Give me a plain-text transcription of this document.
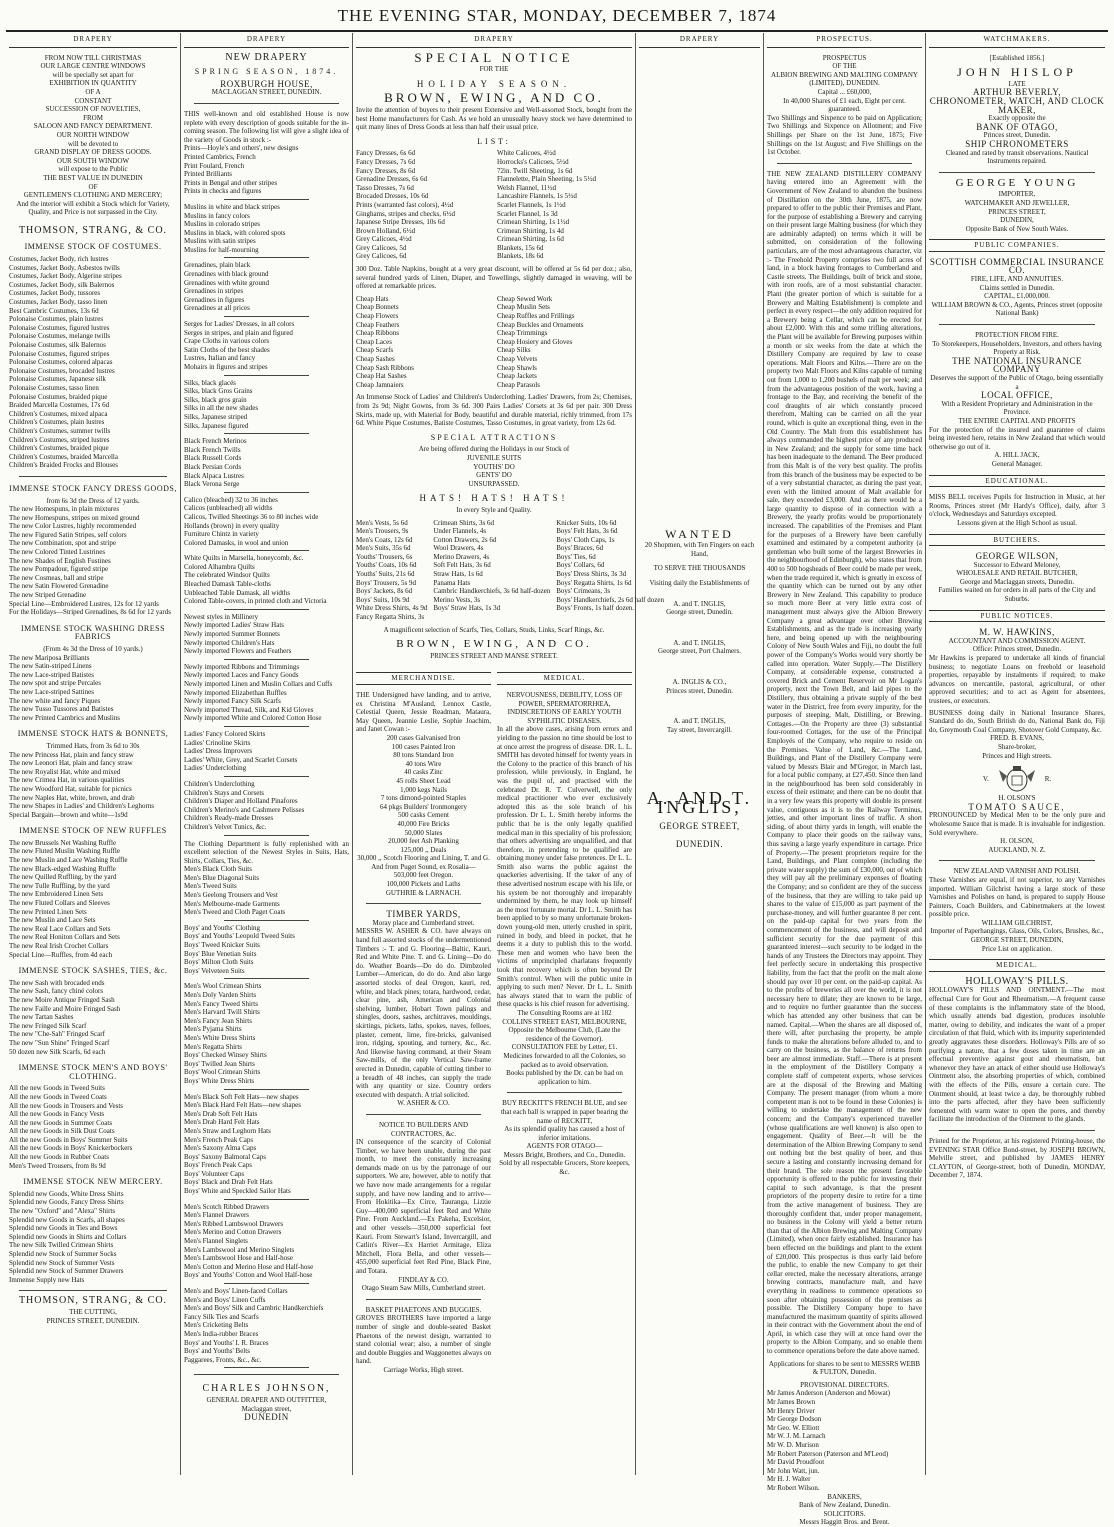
THE EVENING STAR, MONDAY, DECEMBER 7, 1874
DRAPERY
FROM NOW TILL CHRISTMAS
OUR LARGE CENTRE WINDOWS
will be specially set apart for
EXHIBITION IN QUANTITY
OF A
CONSTANT
SUCCESSION OF NOVELTIES,
FROM
SALOON AND FANCY DEPARTMENT.
OUR NORTH WINDOW
will be devoted to
GRAND DISPLAY OF DRESS GOODS.
OUR SOUTH WINDOW
will expose to the Public
THE BEST VALUE IN DUNEDIN
OF
GENTLEMEN'S CLOTHING AND MERCERY;
And the interior will exhibit a Stock which for Variety, Quality, and Price is not surpassed in the City.
THOMSON, STRANG, & CO.
IMMENSE STOCK OF COSTUMES.
Costumes, Jacket Body, rich lustres
Costumes, Jacket Body, Asbestos twills
Costumes, Jacket Body, Algerine stripes
Costumes, Jacket Body, silk Balernos
Costumes, Jacket Body, tussores
Costumes, Jacket Body, tasso linen
Best Cambric Costumes, 13s 6d
Polonaise Costumes, plain lustres
Polonaise Costumes, figured lustres
Polonaise Costumes, melange twills
Polonaise Costumes, silk Balernos
Polonaise Costumes, figured stripes
Polonaise Costumes, colored alpacas
Polonaise Costumes, brocaded lustres
Polonaise Costumes, Japanese silk
Polonaise Costumes, tasso linen
Polonaise Costumes, braided pique
Braided Marcella Costumes, 17s 6d
Children's Costumes, mixed alpaca
Children's Costumes, plain lustres
Children's Costumes, summer twills
Children's Costumes, striped lustres
Children's Costumes, braided pique
Children's Costumes, braided Marcella
Children's Braided Frocks and Blouses
IMMENSE STOCK FANCY DRESS GOODS,
from 6s 3d the Dress of 12 yards.
The new Homespuns, in plain mixtures
The new Homespuns, stripes on mixed ground
The new Color Lustres, highly recommended
The new Figured Satin Stripes, self colors
The new Combination, spot and stripe
The new Colored Tinted Lustrines
The new Shades of English Fustines
The new Pompadour, figured stripe
The new Cosmeas, ball and stripe
The new Satin Flowered Grenadine
The new Striped Grenadine
Special Line—Embroidered Lustres, 12s for 12 yards
For the Holidays—Striped Grenadines, 8s 6d for 12 yards
IMMENSE STOCK WASHING DRESS FABRICS
(From 4s 3d the Dress of 10 yards.)
The new Mariposa Brilliants
The new Satin-striped Linens
The new Lace-striped Batistes
The new spot and stripe Percales
The new Lace-striped Sattines
The new white and fancy Piques
The new Tusso Tussores and Batistes
The new Printed Cambrics and Muslins
IMMENSE STOCK HATS & BONNETS,
Trimmed Hats, from 3s 6d to 30s
The new Princess Hat, plain and fancy straw
The new Leonori Hat, plain and fancy straw
The new Royalist Hat, white and mixed
The new Crimea Hat, in various qualities
The new Woodford Hat, suitable for picnics
The new Naples Hat, white, brown, and drab
The new Shapes in Ladies' and Children's Leghorns
Special Bargain—brown and white—1s9d
IMMENSE STOCK OF NEW RUFFLES
The new Brussels Net Washing Ruffle
The new Fluted Muslin Washing Ruffle
The new Muslin and Lace Washing Ruffle
The new Black-edged Washing Ruffle
The new Quilled Ruffling, by the yard
The new Tulle Ruffling, by the yard
The new Embroidered Linen Sets
The new Fluted Collars and Sleeves
The new Printed Linen Sets
The new Muslin and Lace Sets
The new Real Lace Collars and Sets
The new Real Honiton Collars and Sets
The new Real Irish Crochet Collars
Special Line—Ruffles, from 4d each
IMMENSE STOCK SASHES, TIES, &c.
The new Sash with brocaded ends
The new Sash, fancy chiné colors
The new Moire Antique Fringed Sash
The new Faille and Moire Fringed Sash
The new Tartan Sashes
The new Fringed Silk Scarf
The new "Che-Sah" Fringed Scarf
The new "Sun Shine" Fringed Scarf
50 dozen new Silk Scarfs, 6d each
IMMENSE STOCK MEN'S AND BOYS' CLOTHING.
All the new Goods in Tweed Suits
All the new Goods in Tweed Coats
All the new Goods in Trousers and Vests
All the new Goods in Fancy Vests
All the new Goods in Summer Coats
All the new Goods in Silk Dust Coats
All the new Goods in Boys' Summer Suits
All the new Goods in Boys' Knickerbockers
All the new Goods in Rubber Coats
Men's Tweed Trousers, from 8s 9d
IMMENSE STOCK NEW MERCERY.
Splendid new Goods, White Dress Shirts
Splendid new Goods, Fancy Dress Shirts
The new "Oxford" and "Alexa" Shirts
Splendid new Goods in Scarfs, all shapes
Splendid new Goods in Ties and Bows
Splendid new Goods in Shirts and Collars
The new Silk Twilled Crimean Shirts
Splendid new Stock of Summer Socks
Splendid new Stock of Summer Vests
Splendid new Stock of Summer Drawers
Immense Supply new Hats
THOMSON, STRANG, & CO.
THE CUTTING,
PRINCES STREET, DUNEDIN.
DRAPERY
NEW DRAPERY
SPRING SEASON, 1874.
ROXBURGH HOUSE,
MACLAGGAN STREET, DUNEDIN.
THIS well-known and old established House is now replete with every description of goods suitable for the in-coming season. The following list will give a slight idea of the variety of Goods in stock :-
Prints—Hoyle's and others', new designs
Printed Cambrics, French
Print Foulard, French
Printed Brilliants
Prints in Bengal and other stripes
Prints in checks and figures
Muslins in white and black stripes
Muslins in fancy colors
Muslins in colorado stripes
Muslins in black, with colored spots
Muslins with satin stripes
Muslins for half-mourning
Grenadines, plain black
Grenadines with black ground
Grenadines with white ground
Grenadines in stripes
Grenadines in figures
Grenadines at all prices
Serges for Ladies' Dresses, in all colors
Serges in stripes, and plain and figured
Crape Cloths in various colors
Satin Cloths of the best shades
Lustres, Italian and fancy
Mohairs in figures and stripes
Silks, black glacés
Silks, black Gros Grains
Silks, black gros grain
Silks in all the new shades
Silks, Japanese striped
Silks, Japanese figured
Black French Merinos
Black French Twills
Black Russell Cords
Black Persian Cords
Black Alpaca Lustres
Black Verona Serge
Calico (bleached) 32 to 36 inches
Calicos (unbleached) all widths
Calicos, Twilled Sheetings 36 to 80 inches wide
Hollands (brown) in every quality
Furniture Chintz in variety
Colored Damasks, in wool and union
White Quilts in Marsella, honeycomb, &c.
Colored Alhambra Quilts
The celebrated Windsor Quilts
Bleached Damask Table-cloths
Unbleached Table Damask, all widths
Colored Table-covers, in printed cloth and Victoria
Newest styles in Millinery
Newly imported Ladies' Straw Hats
Newly imported Summer Bonnets
Newly imported Children's Hats
Newly imported Flowers and Feathers
Newly imported Ribbons and Trimmings
Newly imported Laces and Fancy Goods
Newly imported Linen and Muslin Collars and Cuffs
Newly imported Elizabethan Ruffles
Newly imported Fancy Silk Scarfs
Newly imported Thread, Silk, and Kid Gloves
Newly imported White and Colored Cotton Hose
Ladies' Fancy Colored Skirts
Ladies' Crinoline Skirts
Ladies' Dress Improvers
Ladies' White, Grey, and Scarlet Corsets
Ladies' Underclothing
Children's Underclothing
Children's Stays and Corsets
Children's Diaper and Holland Pinafores
Children's Merino's and Cashmere Pelisses
Children's Ready-made Dresses
Children's Velvet Tunics, &c.
The Clothing Department is fully replenished with an excellent selection of the Newest Styles in Suits, Hats, Shirts, Collars, Ties, &c.
Men's Black Cloth Suits
Men's Blue Diagonal Suits
Men's Tweed Suits
Men's Geelong Trousers and Vest
Men's Melbourne-made Garments
Men's Tweed and Cloth Paget Coats
Boys' and Youths' Clothing
Boys' and Youths' Leopold Tweed Suits
Boys' Tweed Knicker Suits
Boys' Blue Venetian Suits
Boys' Milton Cloth Suits
Boys' Velveteen Suits
Men's Wool Crimean Shirts
Men's Doly Varden Shirts
Men's Fancy Tweed Shirts
Men's Harvard Twill Shirts
Men's Fancy Jean Shirts
Men's Pyjama Shirts
Men's White Dress Shirts
Men's Regatta Shirts
Boys' Checked Winsey Shirts
Boys' Twilled Jean Shirts
Boys' Wool Crimean Shirts
Boys' White Dress Shirts
Men's Black Soft Felt Hats—new shapes
Men's Black Hard Felt Hats—new shapes
Men's Drab Soft Felt Hats
Men's Drab Hard Felt Hats
Men's Straw and Leghorn Hats
Men's French Peak Caps
Men's Saxony Alma Caps
Boys' Saxony Balmoral Caps
Boys' French Peak Caps
Boys' Volunteer Caps
Boys' Black and Drab Felt Hats
Boys' White and Speckled Sailor Hats
Men's Scotch Ribbed Drawers
Men's Flannel Drawers
Men's Ribbed Lambswool Drawers
Men's Merino and Cotton Drawers
Men's Flannel Singlets
Men's Lambswool and Merino Singlets
Men's Lambswool Hose and Half-hose
Men's Cotton and Merino Hose and Half-hose
Boys' and Youths' Cotton and Wool Half-hose
Men's and Boys' Linen-faced Collars
Men's and Boys' Linen Cuffs
Men's and Boys' Silk and Cambric Handkerchiefs
Fancy Silk Ties and Scarfs
Men's Cricketing Belts
Men's India-rubber Braces
Boys' and Youths' I. R. Braces
Boys' and Youths' Belts
Paggarees, Fronts, &c., &c.
CHARLES JOHNSON,
GENERAL DRAPER AND OUTFITTER,
Maclaggan street,
DUNEDIN
DRAPERY
SPECIAL NOTICE
FOR THE
HOLIDAY SEASON.
BROWN, EWING, AND CO.
Invite the attention of buyers to their present Extensive and Well-assorted Stock, bought from the best Home manufacturers for Cash. As we hold an unusually heavy stock we have determined to quit many lines of Dress Goods at less than half their usual price.
LIST:
Fancy Dresses, 6s 6d
Fancy Dresses, 7s 6d
Fancy Dresses, 8s 6d
Grenadine Dresses, 6s 6d
Tasso Dresses, 7s 6d
Brocaded Dresses, 10s 6d
Prints (warranted fast colors), 4½d
Ginghams, stripes and checks, 6½d
Japanese Stripe Dresses, 10s 6d
Brown Holland, 6½d
Grey Calicoes, 4½d
Grey Calicoes, 5d
Grey Calicoes, 6d
White Calicoes, 4½d
Horrocks's Calicoes, 5½d
72in. Twill Sheeting, 1s 6d
Flannelette, Plain Sheeting, 1s 5½d
Welsh Flannel, 11½d
Lancashire Flannels, 1s 5½d
Scarlet Flannels, 1s 1½d
Scarlet Flannel, 1s 3d
Crimean Shirting, 1s 1½d
Crimean Shirting, 1s 4d
Crimean Shirting, 1s 6d
Blankets, 15s 6d
Blankets, 18s 6d
300 Doz. Table Napkins, bought at a very great discount, will be offered at 5s 6d per doz.; also, several hundred yards of Linen, Diaper, and Towellings, slightly damaged in weaving, will be offered at remarkable prices.
Cheap Hats
Cheap Bonnets
Cheap Flowers
Cheap Feathers
Cheap Ribbons
Cheap Laces
Cheap Scarfs
Cheap Sashes
Cheap Sash Ribbons
Cheap Hat Sashes
Cheap Jamnaiers
Cheap Sewed Work
Cheap Muslin Sets
Cheap Ruffles and Frillings
Cheap Buckles and Ornaments
Cheap Trimmings
Cheap Hosiery and Gloves
Cheap Silks
Cheap Velvets
Cheap Shawls
Cheap Jackets
Cheap Parasols
An Immense Stock of Ladies' and Children's Underclothing. Ladies' Drawers, from 2s; Chemises, from 2s 9d; Night Gowns, from 3s 6d. 300 Pairs Ladies' Corsets at 3s 6d per pair. 300 Dress Skirts, made up, with Material for Body, beautiful and durable material, richly trimmed, from 17s 6d. White Pique Costumes, Batiste Costumes, Tasso Costumes, in great variety, from 12s 6d.
SPECIAL ATTRACTIONS
Are being offered during the Holidays in our Stock of
JUVENILE SUITS
YOUTHS' DO
GENTS' DO
UNSURPASSED.
HATS! HATS! HATS!
In every Style and Quality.
Men's Vests, 5s 6d
Men's Trousers, 9s
Men's Coats, 12s 6d
Men's Suits, 35s 6d
Youths' Trousers, 6s
Youths' Coats, 10s 6d
Youths' Suits, 21s 6d
Boys' Trousers, 5s 9d
Boys' Jackets, 8s 6d
Boys' Suits, 10s 9d
White Dress Shirts, 4s 9d
Fancy Regatta Shirts, 3s
Crimean Shirts, 3s 6d
Under Flannels, 4s
Cotton Drawers, 2s 6d
Wool Drawers, 4s
Merino Drawers, 4s
Soft Felt Hats, 3s 6d
Straw Hats, 1s 6d
Panama Hats
Cambric Handkerchiefs, 3s 6d half-dozen
Merino Vests, 3s
Boys' Straw Hats, 1s 3d
Knicker Suits, 10s 6d
Boys' Felt Hats, 3s 6d
Boys' Cloth Caps, 1s
Boys' Braces, 6d
Boys' Ties, 6d
Boys' Collars, 6d
Boys' Dress Shirts, 3s 3d
Boys' Regatta Shirts, 1s 6d
Boys' Crimeans, 3s
Boys' Handkerchiefs, 2s 6d half dozen
Boys' Fronts, 1s half dozen.
A magnificent selection of Scarfs, Ties, Collars, Studs, Links, Scarf Rings, &c.
BROWN, EWING, AND CO.
PRINCES STREET AND MANSE STREET.
MERCHANDISE.
THE Undersigned have landing, and to arrive, ex Christina M'Ausland, Lennox Castle, Celestial Queen, Jessie Readman, Mataura, May Queen, Jeannie Leslie, Sophie Joachim, and Janet Cowan :-
200 cases Galvanised Iron
100 cases Painted Iron
80 tons Standard Iron
40 tons Wire
40 casks Zinc
45 rolls Sheet Lead
1,000 kegs Nails
7 tons dimond-pointed Staples
64 pkgs Builders' Ironmongery
500 casks Cement
40,000 Fire Bricks
50,000 Slates
20,000 feet Ash Planking
125,000 ,, Deals
30,000 ,, Scotch Flooring and Lining, T. and G.
And from Puget Sound, ex Rosalia—
503,000 feet Oregon.
100,000 Pickets and Laths
GUTHRIE & LARNACH.
TIMBER YARDS,
Moray place and Cumberland street.
MESSRS W. ASHER & CO. have always on hand full assorted stocks of the undermentioned Timbers :- T. and G. Flooring—Baltic, Kauri, Red and White Pine. T. and G. Lining—Do do do. Weather Boards—Do do do. Dimbzoled Lumber—American, do do do. And also large assorted stocks of deal Oregon, kauri, red, white, and black pines; totara, hardwood, cedar, clear pine, ash, American and Colonial shelving, lumber, Hobart Town palings and shingles, doors, sashes, architraves, mouldings, skirtings, pickets, laths, spokes, naves, felloes, plaster, cement, lime, fire-bricks, galvanised iron, ridging, spouting, and turnery, &c., &c. And likewise having command, at their Steam Saw-mills, of the only Vertical Saw-frame erected in Dunedin, capable of cutting timber to a breadth of 48 inches, can supply the trade with any quantity or size. Country orders executed with despatch. A trial solicited.
W. ASHER & CO.
NOTICE TO BUILDERS AND CONTRACTORS, &c.
IN consequence of the scarcity of Colonial Timber, we have been unable, during the past month, to meet the constantly increasing demands made on us by the patronage of our supporters. We are, however, able to notify that we have now made arrangements for a regular supply, and have now landing and to arrive— From Hokitika—Ex Circe, Tauranga, Lizzie Guy—400,000 superficial feet Red and White Pine. From Auckland.—Ex Pakeha, Excelsior, and other vessels—350,000 superficial feet Kauri. From Stewart's Island, Invercargill, and Catlin's River—Ex Harriet Armitage, Eliza Mitchell, Flora Bella, and other vessels—455,000 superficial feet Red Pine, Black Pine, and Totara.
FINDLAY & CO.
Otago Steam Saw Mills, Cumberland street.
BASKET PHAETONS AND BUGGIES.
GROVES BROTHERS have imported a large number of single and double-seated Basket Phaetons of the newest design, warranted to stand colonial wear; also, a number of single and double Buggies and Waggonettes always on hand.
Carriage Works, High street.
MEDICAL.
NERVOUSNESS, DEBILITY, LOSS OF POWER, SPERMATORRHŒA, INDISCRETIONS OF EARLY YOUTH SYPHILITIC DISEASES.
In all the above cases, arising from errors and yielding to the passion no time should be lost to at once arrest the progress of disease. DR. L. L. SMITH has devoted himself for twenty years in the Colony to the practice of this branch of his profession, while previously, in England, he was the pupil of, and practised with the celebrated Dr. R. T. Culverwell, the only medical practitioner who ever exclusively adopted this as the sole branch of his profession. Dr L. L. Smith hereby informs the public that he is the only legally qualified medical man in this speciality of his profession; that others advertising are unqualified, and that therefore, in pretending to be qualified are obtaining money under false pretences. Dr L. L. Smith also warns the public against the quackeries advertising. If the taker of any of these advertised nostrum escape with his life, or his system be not thoroughly and irreparably undermined by them, he may look up himself as the most fortunate mortal. Dr L. L. Smith has been applied to by so many unfortunate broken-down young-old men, utterly crushed in spirit, ruined in body, and bleed in pocket, that he deems it a duty to publish this to the world. These men and women who have been the victims of unprincipled charlatans frequently took that recovery which is often beyond Dr Smith's control. When will the public unite in applying to such men? Never. Dr L. L. Smith has always stated that to warn the public of these quacks is his chief reason for advertising.
The Consulting Rooms are at 182
COLLINS STREET EAST, MELBOURNE,
Opposite the Melbourne Club, (Late the residence of the Governor).
CONSULTATION FEE by Letter, £1.
Medicines forwarded to all the Colonies, so packed as to avoid observation.
Books published by the Dr. can be had on application to him.
BUY RECKITT'S FRENCH BLUE, and see that each ball is wrapped in paper bearing the name of RECKITT,
As its splendid quality has caused a host of inferior imitations.
AGENTS FOR OTAGO—
Messrs Bright, Brothers, and Co., Dunedin.
Sold by all respectable Grocers, Store keepers, &c.
DRAPERY
WANTED
20 Shopmen, with Ten Fingers on each Hand,
TO SERVE THE THOUSANDS
Visiting daily the Establishments of
A. and T. INGLIS,
George street, Dunedin.
A. and T. INGLIS,
George street, Port Chalmers.
A. INGLIS & CO.,
Princes street, Dunedin.
A. and T. INGLIS,
Tay street, Invercargill.
A. AND T. INGLIS,
GEORGE STREET,
DUNEDIN.
PROSPECTUS.
PROSPECTUS
OF THE
ALBION BREWING AND MALTING COMPANY (LIMITED), DUNEDIN.
Capital ... £60,000,
In 40,000 Shares of £1 each, Eight per cent. guaranteed.
Two Shillings and Sixpence to be paid on Application; Two Shillings and Sixpence on Allotment; and Five Shillings per Share on the 1st June, 1875; Five Shillings on the 1st August; and Five Shillings on the 1st October.
THE NEW ZEALAND DISTILLERY COMPANY having entered into an Agreement with the Government of New Zealand to abandon the business of Distillation on the 30th June, 1875, are now prepared to offer to the public their Premises and Plant, for the purpose of establishing a Brewery and carrying on their present large Malting business (for which they are admirably adapted) on terms which it will be submitted, on consideration of the following particulars, are of the most advantageous character, viz :- The Freehold Property comprises two full acres of land, in a block having frontages to Cumberland and Castle streets. The Buildings, built of brick and stone, with iron roofs, are of a most substantial character. Plant (the greater portion of which is suitable for a Brewery and Malting Establishment) is complete and perfect in every respect—the only addition required for a Brewery being a Cellar, which can be erected for about £2,000. With this and some trifling alterations, the Plant will be available for Brewing purposes within a month or six weeks from the date at which the Distillery Company are required by law to cease operations. Malt Floors and Kilns.—There are on the property two Malt Floors and Kilns capable of turning out from 1,000 to 1,200 bushels of malt per week; and from the advantageous position of the work, having a frontage to the Bay, and receiving the benefit of the cool draughts of air which constantly proceed therefrom, Malting can be carried on all the year round, which is quite an exceptional thing, even in the Old Country. The Malt from this establishment has always commanded the highest price of any produced in New Zealand; and the supply for some time back has been inadequate to the demand. The Beer produced from this Malt is of the very best quality. The profits from this branch of the business may be expected to be of a very substantial character, as during the past year, even with the limited amount of Malt available for sale, they exceeded £3,000. And as there would be a large quantity to dispose of in connection with a Brewery, the yearly profits would be proportionately increased. The capabilities of the Premises and Plant for the purposes of a Brewery have been carefully examined and estimated by a competent authority (a gentleman who built some of the largest Breweries in the neighbourhood of Edinburgh), who states that from 400 to 500 hogsheads of Beer could be made per week, when the trade required it, which is greatly in excess of the quantity which can be turned out by any other Brewery in New Zealand. This capability to produce so much more Beer at very little extra cost of management must always give the Albion Brewery Company a great advantage over other Brewing Establishments, and as the trade is increasing yearly here, and being opened up with the neighbouring Colony of New South Wales and Fiji, no doubt the full power of the Company's Works would very shortly be called into operation. Water Supply.—The Distillery Company, at considerable expense, constructed a covered Brick and Cement Reservoir on Mr Logan's property, next the Town Belt, and laid pipes to the Distillery, thus obtaining a private supply of the best water in the District, free from every impurity, for the purposes of steeping, Malt, Distilling, or Brewing. Cottages.—On the Property are three (3) substantial four-roomed Cottages, for the use of the Principal Employés of the Company, who require to reside on the Premises. Value of Land, &c.—The Land, Buildings, and Plant of the Distillery Company were valued by Messrs Blair and M'Gregor, in March last, for a local public company, at £27,450. Since then land in the neighbourhood has been sold considerably in excess of their estimate; and there can be no doubt that in a very few years this property will double its present value, contiguous as it is to the Railway Terminus, jetties, and other important lines of traffic. A short siding, of about thirty yards in length, will enable the Company to place their goods on the railway vans, thus saving a large yearly expenditure in cartage. Price of Property.—The present proprietors require for the Land, Buildings, and Plant complete (including the private water supply) the sum of £30,000, out of which they will pay all the preliminary expenses of floating the Company; and so confident are they of the success of the business, that they are willing to take paid up shares to the value of £15,000 as part payment of the purchase-money, and will further guarantee 8 per cent. on the paid-up capital for two years from the commencement of the business, and will deposit and sufficient security for the due payment of this guaranteed interest—such security to be lodged in the hands of any Trustees the Directors may appoint. They feel perfectly secure in undertaking this prospective liability, from the fact that the profit on the malt alone should pay over 10 per cent. on the paid-up capital. As to the profits of breweries all over the world, it is not necessary here to dilate; they are known to be large, and to require no further guarantee than the success which has attended any other business that can be named. Capital.—When the shares are all disposed of, there will, after purchasing the property, be ample funds to make the alterations before alluded to, and to carry on the business, as the balance of returns from beer are almost immediate. Staff.—There is at present in the employment of the Distillery Company a complete staff of competent experts, whose services are at the disposal of the Brewing and Malting Company. The present manager (from whom a more competent man is not to be found in these Colonies) is willing to undertake the management of the new concern; and the Company's experienced traveller (whose qualifications are well known) is also open to engagement. Quality of Beer.—It will be the determination of the Albion Brewing Company to send out nothing but the best quality of beer, and thus secure a lasting and constantly increasing demand for their brand. The sole reason the present favorable opportunity is offered to the public for investing their capital to such advantage, is that the present proprietors of the property desire to retire for a time from the active management of business. They are thoroughly confident that, under proper management, no business in the Colony will yield a better return than that of the Albion Brewing and Malting Company (Limited), when once fairly established. Insurance has been effected on the buildings and plant to the extent of £20,000. This prospectus is thus early laid before the public, to enable the new Company to get their cellar erected, make the necessary alterations, arrange brewing contracts, manufacture malt, and have everything in readiness to commence operations so soon after obtaining possession of the premises as possible. The Distillery Company hope to have manufactured the maximum quantity of spirits allowed in their contract with the Government about the end of April, in which case they will at once hand over the property to the Albion Company, and so enable them to commence operations before the date above named.
Applications for shares to be sent to MESSRS WEBB & FULTON, Dunedin.
PROVISIONAL DIRECTORS.
Mr James Anderson (Anderson and Mowat)
Mr James Brown
Mr Henry Driver
Mr George Dodson
Mr Geo. W. Elliott
Mr W. J. M. Larnach
Mr W. D. Murison
Mr Robert Paterson (Paterson and M'Leod)
Mr David Proudfoot
Mr John Watt, jun.
Mr H. J. Walter
Mr Robert Wilson.
BANKERS,
Bank of New Zealand, Dunedin.
SOLICITORS.
Messrs Haggitt Bros. and Brent.
WATCHMAKERS.
[Established 1856.]
JOHN HISLOP
LATE
ARTHUR BEVERLY,
CHRONOMETER, WATCH, AND CLOCK MAKER,
Exactly opposite the
BANK OF OTAGO,
Princes street, Dunedin.
SHIP CHRONOMETERS
Cleaned and rated by transit observations. Nautical Instruments repaired.
GEORGE YOUNG
IMPORTER,
WATCHMAKER AND JEWELLER,
PRINCES STREET,
DUNEDIN,
Opposite Bank of New South Wales.
PUBLIC COMPANIES.
SCOTTISH COMMERCIAL INSURANCE CO.
FIRE, LIFE, AND ANNUITIES.
Claims settled in Dunedin.
CAPITAL, £1,000,000.
WILLIAM BROWN & CO., Agents, Princes street (opposite National Bank)
PROTECTION FROM FIRE.
To Storekeepers, Householders, Investors, and others having Property at Risk.
THE NATIONAL INSURANCE COMPANY
Deserves the support of the Public of Otago, being essentially a
LOCAL OFFICE,
With a Resident Proprietary and Administration in the Province.
THE ENTIRE CAPITAL AND PROFITS
For the protection of the insured and guarantee of claims being invested here, retains in New Zealand that which would otherwise go out of it.
A. HILL JACK,
General Manager.
EDUCATIONAL.
MISS BELL receives Pupils for Instruction in Music, at her Rooms, Princes street (Mr Hardy's Office), daily, after 3 o'clock, Wednesdays and Saturdays excepted.
Lessons given at the High School as usual.
BUTCHERS.
GEORGE WILSON,
Successor to Edward Meloney,
WHOLESALE AND RETAIL BUTCHER,
George and Maclaggan streets, Dunedin.
Families waited on for orders in all parts of the City and Suburbs.
PUBLIC NOTICES.
M. W. HAWKINS,
ACCOUNTANT AND COMMISSION AGENT.
Office: Princes street, Dunedin.
Mr Hawkins is prepared to undertake all kinds of financial business; to negotiate Loans on freehold or leasehold properties, repayable by instalments if required; to make advances on mercantile, pastoral, agricultural, or other approved securities; and to act as Agent for absentees, trustees, or executors.
BUSINESS doing daily in National Insurance Shares, Standard do do, South British do do, National Bank do, Fiji do, Greymouth Coal Company, Shotover Gold Company, &c.
FRED. B. EVANS,
Share-broker,
Princes and High streets.
V.	R.
H. OLSON'S
TOMATO SAUCE,
PRONOUNCED by Medical Men to be the only pure and wholesome Sauce that is made. It is invaluable for indigestion. Sold everywhere.
H. OLSON,
AUCKLAND, N. Z.
NEW ZEALAND VARNISH AND POLISH.
These Varnishes are equal, if not superior, to any Varnishes imported. William Gilchrist having a large stock of these Varnishes and Polishes on hand, is prepared to supply House Painters, Coach Builders, and Cabinetmakers at the lowest possible price.
WILLIAM GILCHRIST,
Importer of Paperhangings, Glass, Oils, Colors, Brushes, &c.,
GEORGE STREET, DUNEDIN,
Price List on application.
MEDICAL.
HOLLOWAY'S PILLS.
HOLLOWAY'S PILLS AND OINTMENT.—The most effectual Cure for Gout and Rheumatism.—A frequent cause of these complaints is the inflammatory state of the blood, which usually attends bad digestion, produces insoluble matter, owing to debility, and indicates the want of a proper circulation of that fluid, which with its impurity superintended greatly aggravates these disorders. Holloway's Pills are of so purifying a nature, that a few doses taken in time are an effectual preventive against gout and rheumatism, but whenever they have an attack of either should use Holloway's Ointment also, the absorbing properties of which, combined with the effects of the Pills, ensure a certain cure. The Ointment should, at least twice a day, be thoroughly rubbed into the parts affected, after they have been sufficiently fomented with warm water to open the pores, and thereby facilitate the introduction of the Ointment to the glands.
Printed for the Proprietor, at his registered Printing-house, the EVENING STAR Office Bond-street, by JOSEPH BROWN, Melville street, and published by JAMES HENRY CLAYTON, of George-street, both of Dunedin, MONDAY, December 7, 1874.
